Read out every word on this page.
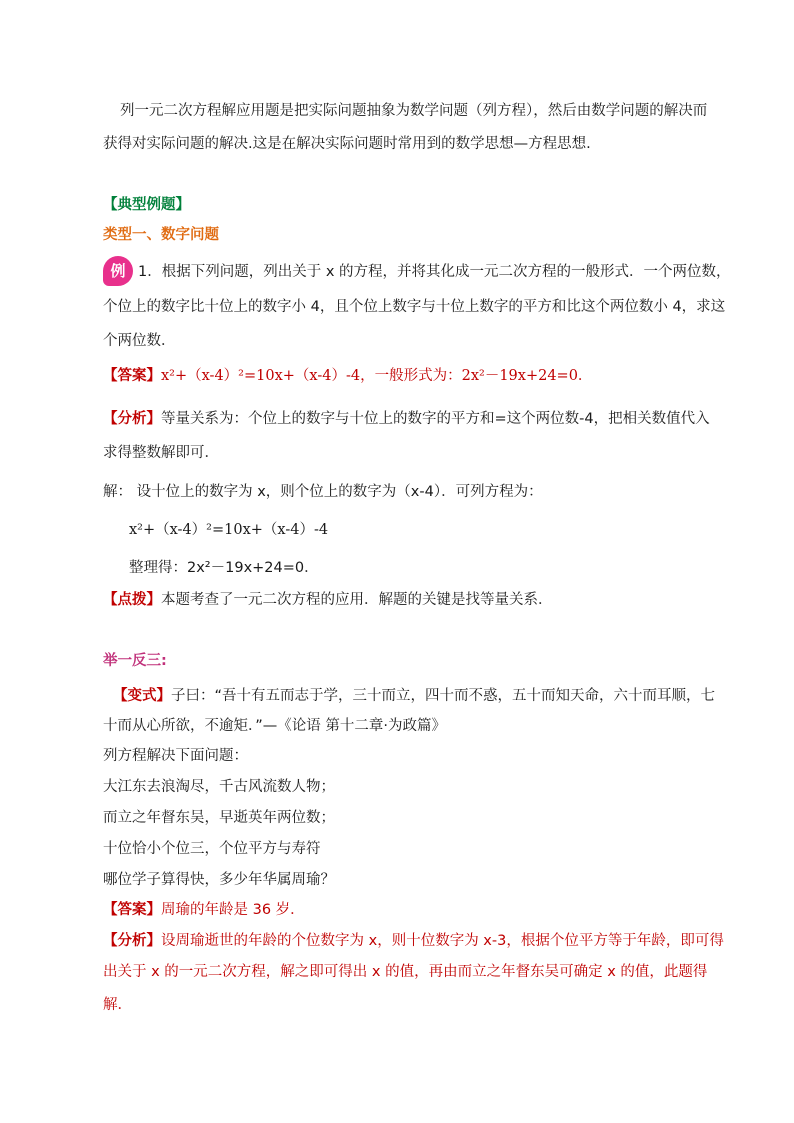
列一元二次方程解应用题是把实际问题抽象为数学问题（列方程），然后由数学问题的解决而
获得对实际问题的解决.这是在解决实际问题时常用到的数学思想—方程思想.
【典型例题】
类型一、数字问题
例 1．根据下列问题，列出关于 x 的方程，并将其化成一元二次方程的一般形式．一个两位数，
个位上的数字比十位上的数字小 4，且个位上数字与十位上数字的平方和比这个两位数小 4，求这
个两位数．
【答案】x²+（x-4）²=10x+（x-4）-4，一般形式为：2x²－19x+24=0．
【分析】等量关系为：个位上的数字与十位上的数字的平方和=这个两位数-4，把相关数值代入
求得整数解即可．
解： 设十位上的数字为 x，则个位上的数字为（x-4）．可列方程为：
x²+（x-4）²=10x+（x-4）-4
整理得：2x²－19x+24=0．
【点拨】本题考查了一元二次方程的应用．解题的关键是找等量关系．
举一反三:
【变式】子曰：“吾十有五而志于学，三十而立，四十而不惑，五十而知天命，六十而耳顺，七
十而从心所欲，不逾矩．”—《论语 第十二章·为政篇》
列方程解决下面问题：
大江东去浪淘尽，千古风流数人物；
而立之年督东吴，早逝英年两位数；
十位恰小个位三，个位平方与寿符
哪位学子算得快，多少年华属周瑜？
【答案】周瑜的年龄是 36 岁．
【分析】设周瑜逝世的年龄的个位数字为 x，则十位数字为 x-3，根据个位平方等于年龄，即可得
出关于 x 的一元二次方程，解之即可得出 x 的值，再由而立之年督东吴可确定 x 的值，此题得
解．
